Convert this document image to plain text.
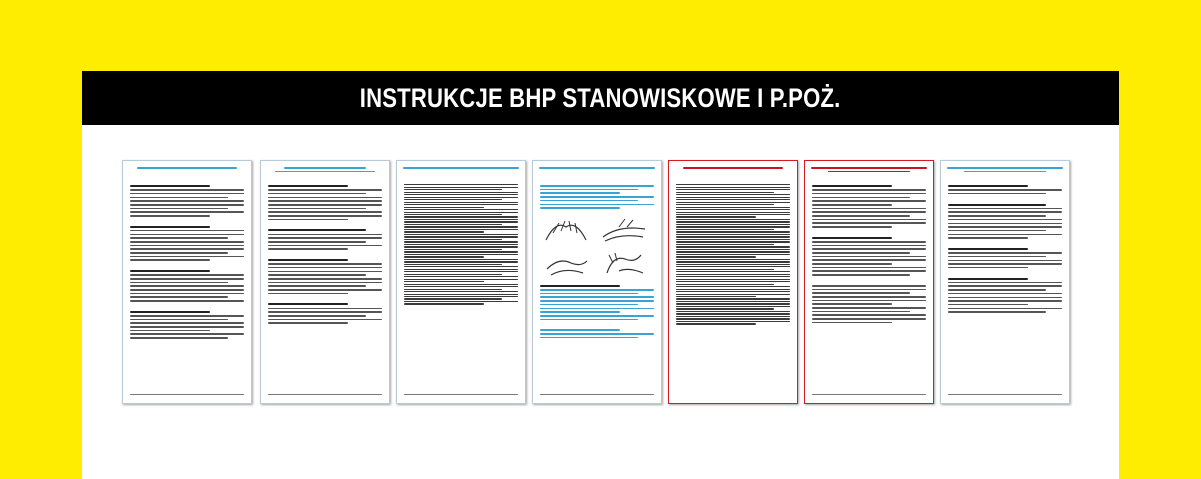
INSTRUKCJE BHP STANOWISKOWE I P.POŻ.
